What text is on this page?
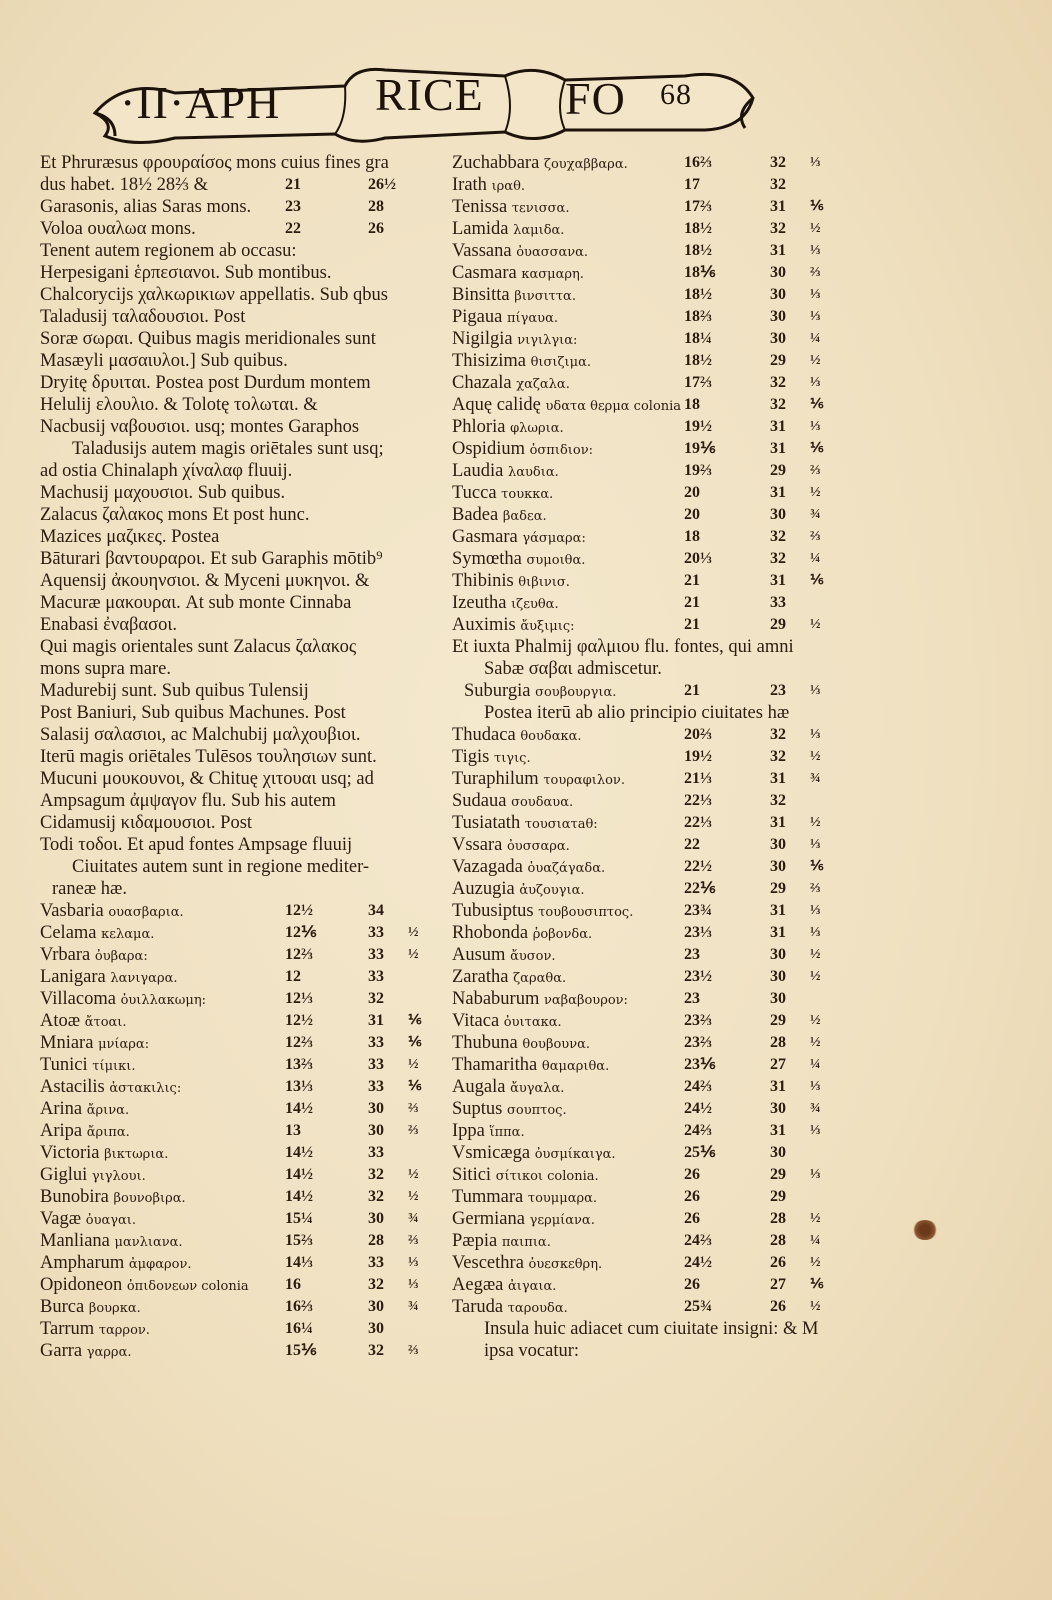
·II·APH RICE FO 68
Et Phruræsus φρουραίσος mons cuius fines gra
dus habet. 18½ 28⅔ &	21	26½
Garasonis, alias Saras mons. 23	28
Voloa ουαλωα mons.	22	26
Tenent autem regionem ab occasu:
Herpesigani ἑρπεσιανοι. Sub montibus.
Chalcorycijs χαλκωρικιων appellatis. Sub qbus
Taladusij ταλαδουσιοι. Post
Soræ σωραι. Quibus magis meridionales sunt
Masæyli μασαιυλοι.] Sub quibus.
Dryitę δρυιται. Postea post Durdum montem
Helulij ελουλιο. & Tolotę τολωται. &
Nacbusij ναβουσιοι. usq; montes Garaphos
Taladusijs autem magis oriētales sunt usq;
ad ostia Chinalaph χίναλαφ fluuij.
Machusij μαχουσιοι. Sub quibus.
Zalacus ζαλακος mons Et post hunc.
Mazices μαζικες. Postea
Bāturari βαντουραροι. Et sub Garaphis mōtib⁹
Aquensij ἀκουηνσιοι. & Myceni μυκηνοι. &
Macuræ μακουραι. At sub monte Cinnaba
Enabasi ἐναβασοι.
Qui magis orientales sunt Zalacus ζαλακος
mons supra mare.
Madurebij sunt. Sub quibus Tulensij
Post Baniuri, Sub quibus Machunes. Post
Salasij σαλασιοι, ac Malchubij μαλχουβιοι.
Iterū magis oriētales Tulēsos τουλησιων sunt.
Mucuni μουκουνοι, & Chituę χιτουαι usq; ad
Ampsagum ἀμψαγον flu. Sub his autem
Cidamusij κιδαμουσιοι. Post
Todi τοδοι. Et apud fontes Ampsage fluuij
Ciuitates autem sunt in regione mediter-
raneæ hæ.
Vasbaria ουασβαρια.	12½	34
Celama κελαμα.	12⅙	33 ½
Vrbara ὀυβαρα:	12⅔	33 ½
Lanigara λανιγαρα.	12	33
Villacoma ὀυιλλακωμη:	12⅓	32
Atoæ ἄτοαι.	12½	31 ⅙
Mniara μνίαρα:	12⅔	33 ⅙
Tunici τίμικι.	13⅔	33 ½
Astacilis ἀστακιλις:	13⅓	33 ⅙
Arina ἄρινα.	14½	30 ⅔
Aripa ἄριπα.	13	30 ⅔
Victoria βικτωρια.	14½	33
Giglui γιγλουι.	14½	32 ½
Bunobira βουνοβιρα.	14½	32 ½
Vagæ ὀυαγαι.	15¼	30 ¾
Manliana μανλιανα.	15⅔	28 ⅔
Ampharum ἀμφαρον.	14⅓	33 ⅓
Opidoneon ὀπιδονεων colonia 16	32 ⅓
Burca βουρκα.	16⅔	30 ¾
Tarrum ταρρον.	16¼	30
Garra γαρρα.	15⅙	32 ⅔
Zuchabbara ζουχαββαρα.	16⅔	32 ⅓
Irath ιραθ.	17	32
Tenissa τενισσα.	17⅔	31 ⅙
Lamida λαμιδα.	18½	32 ½
Vassana ὀυασσανα.	18½	31 ⅓
Casmara κασμαρη.	18⅙	30 ⅔
Binsitta βινσιττα.	18½	30 ⅓
Pigaua πίγαυα.	18⅔	30 ⅓
Nigilgia νιγιλγια:	18¼	30 ¼
Thisizima θισιζιμα.	18½	29 ½
Chazala χαζαλα.	17⅔	32 ⅓
Aquę calidę υδατα θερμα colonia 18	32 ⅙
Phloria φλωρια.	19½	31 ⅓
Ospidium ὀσπιδιον:	19⅙	31 ⅙
Laudia λαυδια.	19⅔	29 ⅔
Tucca τουκκα.	20	31 ½
Badea βαδεα.	20	30 ¾
Gasmara γάσμαρα:	18	32 ⅔
Symœtha συμοιθα.	20⅓	32 ¼
Thibinis θιβινισ.	21	31 ⅙
Izeutha ιζευθα.	21	33
Auximis ἄυξιμις:	21	29 ½
Et iuxta Phalmij φαλμιου flu. fontes, qui amni
Sabæ σαβαι admiscetur.
Suburgia σουβουργια.	21	23 ⅓
Postea iterū ab alio principio ciuitates hæ
Thudaca θουδακα.	20⅔	32 ⅓
Tigis τιγις.	19½	32 ½
Turaphilum τουραφιλον.	21⅓	31 ¾
Sudaua σουδαυα.	22⅓	32
Tusiatath τουσιατaθ:	22⅓	31 ½
Vssara ὀυσσαρα.	22	30 ⅓
Vazagada ὀυαζάγαδα.	22½	30 ⅙
Auzugia ἀυζουγια.	22⅙	29 ⅔
Tubusiptus τουβουσιπτος.	23¾	31 ⅓
Rhobonda ῥοβονδα.	23⅓	31 ⅓
Ausum ἄυσον.	23	30 ½
Zaratha ζαραθα.	23½	30 ½
Nababurum ναβαβουρον:	23	30
Vitaca ὀυιτακα.	23⅔	29 ½
Thubuna θουβουνα.	23⅔	28 ½
Thamaritha θαμαριθα.	23⅙	27 ¼
Augala ἄυγαλα.	24⅔	31 ⅓
Suptus σουπτος.	24½	30 ¾
Ippa ἵππα.	24⅔	31 ⅓
Vsmicæga ὀυσμίκαιγα.	25⅙	30
Sitici σίτικοι colonia.	26	29 ⅓
Tummara τουμμαρα.	26	29
Germiana γερμίανα.	26	28 ½
Pæpia παιπια.	24⅔	28 ¼
Vescethra ὀυεσκεθρη.	24½	26 ½
Aegæa ἀιγαια.	26	27 ⅙
Taruda ταρουδα.	25¾	26 ½
Insula huic adiacet cum ciuitate insigni: & M
ipsa vocatur:
